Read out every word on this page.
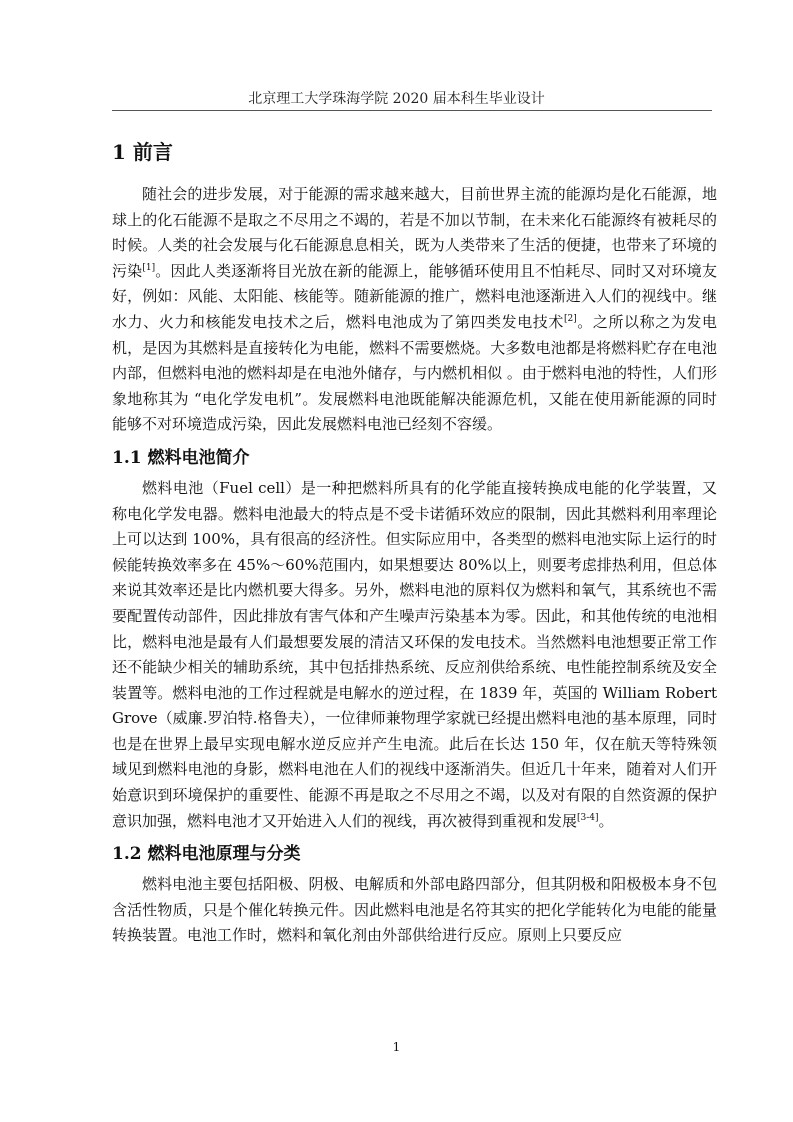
北京理工大学珠海学院 2020 届本科生毕业设计
1 前言

随社会的进步发展，对于能源的需求越来越大，目前世界主流的能源均是化石能源，地球上的化石能源不是取之不尽用之不竭的，若是不加以节制，在未来化石能源终有被耗尽的时候。人类的社会发展与化石能源息息相关，既为人类带来了生活的便捷，也带来了环境的污染[1]。因此人类逐渐将目光放在新的能源上，能够循环使用且不怕耗尽、同时又对环境友好，例如：风能、太阳能、核能等。随新能源的推广，燃料电池逐渐进入人们的视线中。继水力、火力和核能发电技术之后，燃料电池成为了第四类发电技术[2]。之所以称之为发电机，是因为其燃料是直接转化为电能，燃料不需要燃烧。大多数电池都是将燃料贮存在电池内部，但燃料电池的燃料却是在电池外储存，与内燃机相似 。由于燃料电池的特性，人们形象地称其为 “电化学发电机”。发展燃料电池既能解决能源危机，又能在使用新能源的同时能够不对环境造成污染，因此发展燃料电池已经刻不容缓。

1.1 燃料电池简介

燃料电池（Fuel cell）是一种把燃料所具有的化学能直接转换成电能的化学装置，又称电化学发电器。燃料电池最大的特点是不受卡诺循环效应的限制，因此其燃料利用率理论上可以达到 100%，具有很高的经济性。但实际应用中，各类型的燃料电池实际上运行的时候能转换效率多在 45%～60%范围内，如果想要达 80%以上，则要考虑排热利用，但总体来说其效率还是比内燃机要大得多。另外，燃料电池的原料仅为燃料和氧气，其系统也不需要配置传动部件，因此排放有害气体和产生噪声污染基本为零。因此，和其他传统的电池相比，燃料电池是最有人们最想要发展的清洁又环保的发电技术。当然燃料电池想要正常工作还不能缺少相关的辅助系统，其中包括排热系统、反应剂供给系统、电性能控制系统及安全装置等。燃料电池的工作过程就是电解水的逆过程，在 1839 年，英国的 William Robert Grove（威廉.罗泊特.格鲁夫），一位律师兼物理学家就已经提出燃料电池的基本原理，同时也是在世界上最早实现电解水逆反应并产生电流。此后在长达 150 年，仅在航天等特殊领域见到燃料电池的身影，燃料电池在人们的视线中逐渐消失。但近几十年来，随着对人们开始意识到环境保护的重要性、能源不再是取之不尽用之不竭，以及对有限的自然资源的保护意识加强，燃料电池才又开始进入人们的视线，再次被得到重视和发展[3-4]。

1.2 燃料电池原理与分类

燃料电池主要包括阳极、阴极、电解质和外部电路四部分，但其阴极和阳极极本身不包含活性物质，只是个催化转换元件。因此燃料电池是名符其实的把化学能转化为电能的能量转换装置。电池工作时，燃料和氧化剂由外部供给进行反应。原则上只要反应

1
